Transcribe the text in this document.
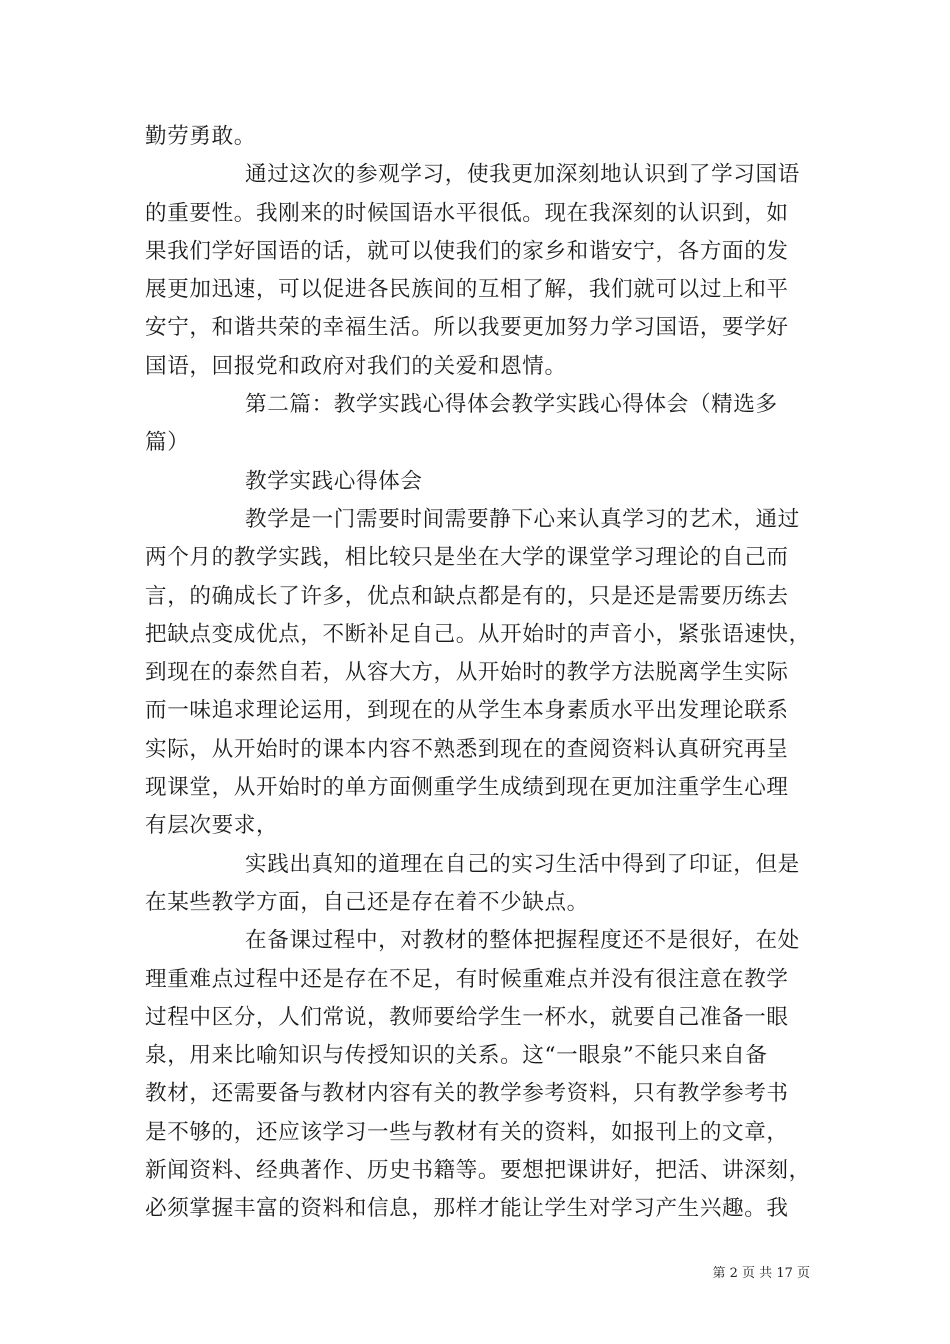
勤劳勇敢。
通过这次的参观学习，使我更加深刻地认识到了学习国语
的重要性。我刚来的时候国语水平很低。现在我深刻的认识到，如
果我们学好国语的话，就可以使我们的家乡和谐安宁，各方面的发
展更加迅速，可以促进各民族间的互相了解，我们就可以过上和平
安宁，和谐共荣的幸福生活。所以我要更加努力学习国语，要学好
国语，回报党和政府对我们的关爱和恩情。
第二篇：教学实践心得体会教学实践心得体会（精选多
篇）
教学实践心得体会
教学是一门需要时间需要静下心来认真学习的艺术，通过
两个月的教学实践，相比较只是坐在大学的课堂学习理论的自己而
言，的确成长了许多，优点和缺点都是有的，只是还是需要历练去
把缺点变成优点，不断补足自己。从开始时的声音小，紧张语速快，
到现在的泰然自若，从容大方，从开始时的教学方法脱离学生实际
而一味追求理论运用，到现在的从学生本身素质水平出发理论联系
实际，从开始时的课本内容不熟悉到现在的查阅资料认真研究再呈
现课堂，从开始时的单方面侧重学生成绩到现在更加注重学生心理
有层次要求，
实践出真知的道理在自己的实习生活中得到了印证，但是
在某些教学方面，自己还是存在着不少缺点。
在备课过程中，对教材的整体把握程度还不是很好，在处
理重难点过程中还是存在不足，有时候重难点并没有很注意在教学
过程中区分，人们常说，教师要给学生一杯水，就要自己准备一眼
泉，用来比喻知识与传授知识的关系。这“一眼泉”不能只来自备
教材，还需要备与教材内容有关的教学参考资料，只有教学参考书
是不够的，还应该学习一些与教材有关的资料，如报刊上的文章，
新闻资料、经典著作、历史书籍等。要想把课讲好，把活、讲深刻，
必须掌握丰富的资料和信息，那样才能让学生对学习产生兴趣。我
第 2 页 共 17 页
